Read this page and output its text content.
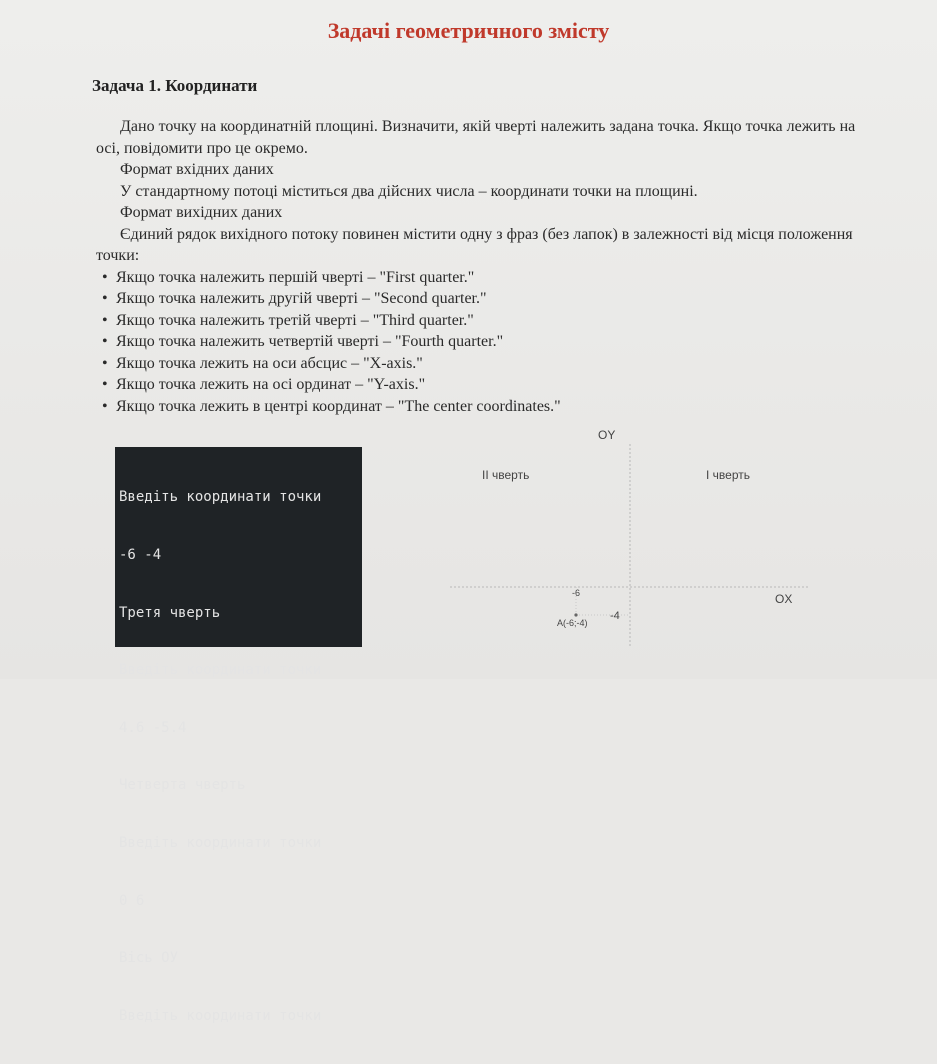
Задачі геометричного змісту
Задача 1. Координати

Дано точку на координатній площині. Визначити, якій чверті належить задана точка. Якщо точка лежить на осі, повідомити про це окремо.

Формат вхідних даних

У стандартному потоці міститься два дійсних числа – координати точки на площині.

Формат вихідних даних

Єдиний рядок вихідного потоку повинен містити одну з фраз (без лапок) в залежності від місця положення точки:

• Якщо точка належить першій чверті – "First quarter."
• Якщо точка належить другій чверті – "Second quarter."
• Якщо точка належить третій чверті – "Third quarter."
• Якщо точка належить четвертій чверті – "Fourth quarter."
• Якщо точка лежить на оси абсцис – "X-axis."
• Якщо точка лежить на осі ординат – "Y-axis."
• Якщо точка лежить в центрі координат – "The center coordinates."

Введіть координати точки

-6 -4

Третя чверть

Введіть координати точки

4.6 -5.4

Четверта чверть

Введіть координати точки

0 6

Вісь ОУ

Введіть координати точки

OY
OX
II чверть	I чверть
-6
-4
A(-6;-4)
